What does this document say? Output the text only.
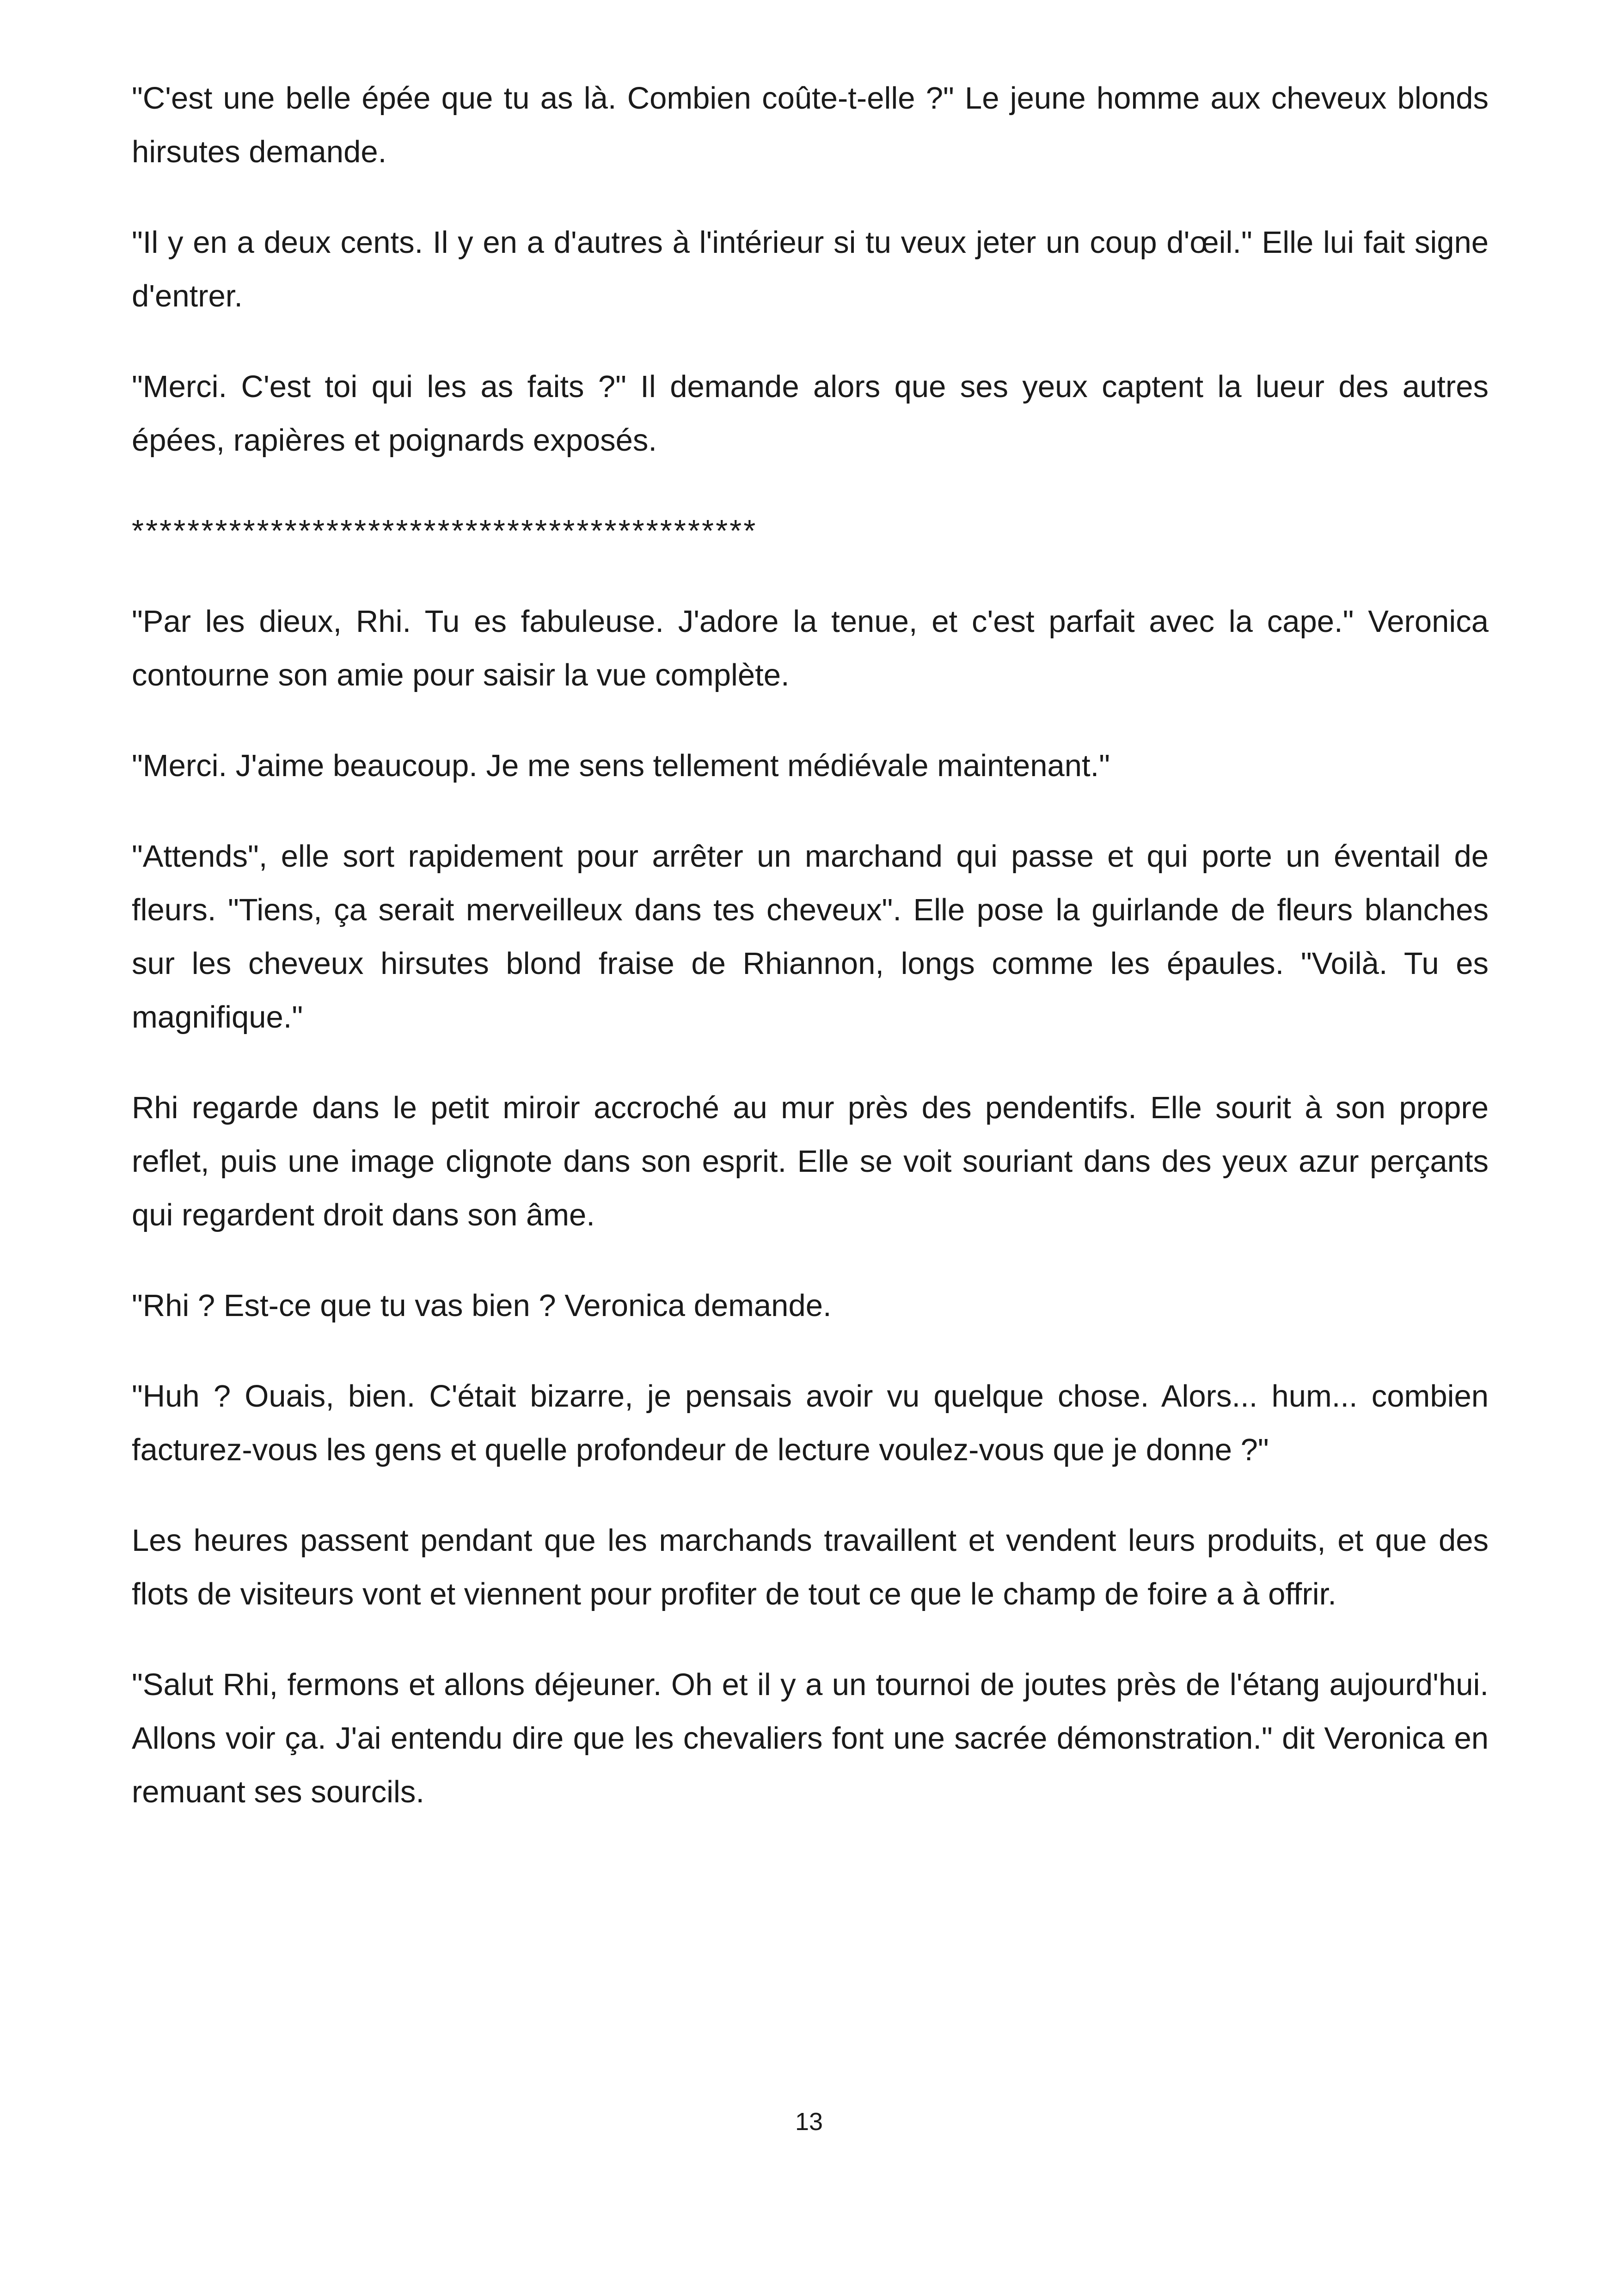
"C'est une belle épée que tu as là. Combien coûte-t-elle ?" Le jeune homme aux cheveux blonds hirsutes demande.

"Il y en a deux cents. Il y en a d'autres à l'intérieur si tu veux jeter un coup d'œil." Elle lui fait signe d'entrer.

"Merci. C'est toi qui les as faits ?" Il demande alors que ses yeux captent la lueur des autres épées, rapières et poignards exposés.

*********************************************

"Par les dieux, Rhi. Tu es fabuleuse. J'adore la tenue, et c'est parfait avec la cape." Veronica contourne son amie pour saisir la vue complète.

"Merci. J'aime beaucoup. Je me sens tellement médiévale maintenant."

"Attends", elle sort rapidement pour arrêter un marchand qui passe et qui porte un éventail de fleurs. "Tiens, ça serait merveilleux dans tes cheveux". Elle pose la guirlande de fleurs blanches sur les cheveux hirsutes blond fraise de Rhiannon, longs comme les épaules. "Voilà. Tu es magnifique."

Rhi regarde dans le petit miroir accroché au mur près des pendentifs. Elle sourit à son propre reflet, puis une image clignote dans son esprit. Elle se voit souriant dans des yeux azur perçants qui regardent droit dans son âme.

"Rhi ? Est-ce que tu vas bien ? Veronica demande.

"Huh ? Ouais, bien. C'était bizarre, je pensais avoir vu quelque chose. Alors... hum... combien facturez-vous les gens et quelle profondeur de lecture voulez-vous que je donne ?"

Les heures passent pendant que les marchands travaillent et vendent leurs produits, et que des flots de visiteurs vont et viennent pour profiter de tout ce que le champ de foire a à offrir.

"Salut Rhi, fermons et allons déjeuner. Oh et il y a un tournoi de joutes près de l'étang aujourd'hui. Allons voir ça. J'ai entendu dire que les chevaliers font une sacrée démonstration." dit Veronica en remuant ses sourcils.

13
